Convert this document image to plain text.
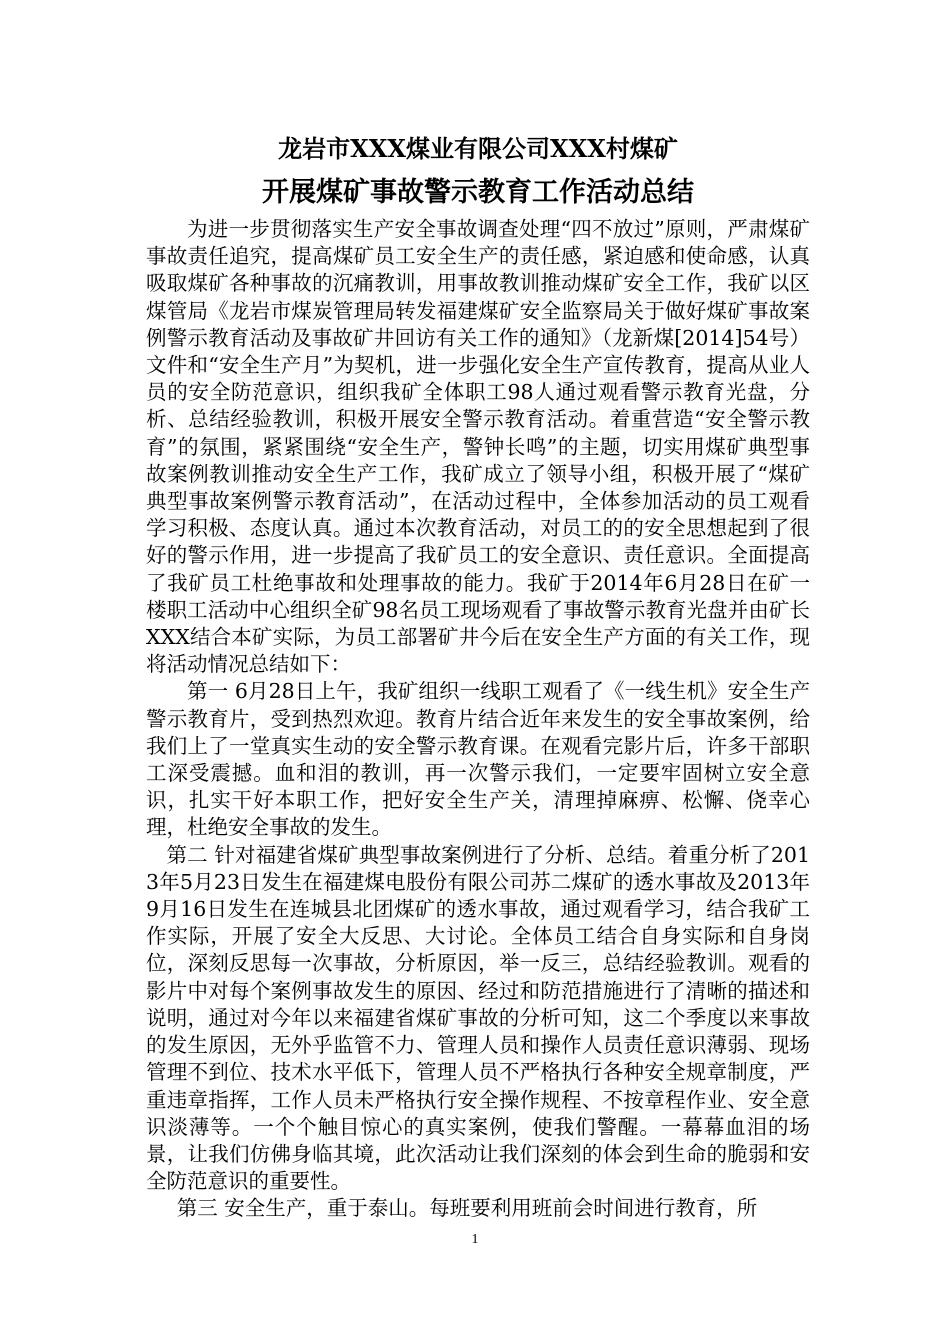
龙岩市XXX煤业有限公司XXX村煤矿
开展煤矿事故警示教育工作活动总结

为进一步贯彻落实生产安全事故调查处理“四不放过”原则，严肃煤矿事故责任追究，提高煤矿员工安全生产的责任感，紧迫感和使命感，认真吸取煤矿各种事故的沉痛教训，用事故教训推动煤矿安全工作，我矿以区煤管局《龙岩市煤炭管理局转发福建煤矿安全监察局关于做好煤矿事故案例警示教育活动及事故矿井回访有关工作的通知》（龙新煤[2014]54号）文件和“安全生产月”为契机，进一步强化安全生产宣传教育，提高从业人员的安全防范意识，组织我矿全体职工98人通过观看警示教育光盘，分析、总结经验教训，积极开展安全警示教育活动。着重营造“安全警示教育”的氛围，紧紧围绕“安全生产，警钟长鸣”的主题，切实用煤矿典型事故案例教训推动安全生产工作，我矿成立了领导小组，积极开展了“煤矿典型事故案例警示教育活动”，在活动过程中，全体参加活动的员工观看学习积极、态度认真。通过本次教育活动，对员工的的安全思想起到了很好的警示作用，进一步提高了我矿员工的安全意识、责任意识。全面提高了我矿员工杜绝事故和处理事故的能力。我矿于2014年6月28日在矿一楼职工活动中心组织全矿98名员工现场观看了事故警示教育光盘并由矿长XXX结合本矿实际，为员工部署矿井今后在安全生产方面的有关工作，现将活动情况总结如下：

第一 6月28日上午，我矿组织一线职工观看了《一线生机》安全生产警示教育片，受到热烈欢迎。教育片结合近年来发生的安全事故案例，给我们上了一堂真实生动的安全警示教育课。在观看完影片后，许多干部职工深受震撼。血和泪的教训，再一次警示我们，一定要牢固树立安全意识，扎实干好本职工作，把好安全生产关，清理掉麻痹、松懈、侥幸心理，杜绝安全事故的发生。

第二 针对福建省煤矿典型事故案例进行了分析、总结。着重分析了2013年5月23日发生在福建煤电股份有限公司苏二煤矿的透水事故及2013年9月16日发生在连城县北团煤矿的透水事故，通过观看学习，结合我矿工作实际，开展了安全大反思、大讨论。全体员工结合自身实际和自身岗位，深刻反思每一次事故，分析原因，举一反三，总结经验教训。观看的影片中对每个案例事故发生的原因、经过和防范措施进行了清晰的描述和说明，通过对今年以来福建省煤矿事故的分析可知，这二个季度以来事故的发生原因，无外乎监管不力、管理人员和操作人员责任意识薄弱、现场管理不到位、技术水平低下，管理人员不严格执行各种安全规章制度，严重违章指挥，工作人员未严格执行安全操作规程、不按章程作业、安全意识淡薄等。一个个触目惊心的真实案例，使我们警醒。一幕幕血泪的场景，让我们仿佛身临其境，此次活动让我们深刻的体会到生命的脆弱和安全防范意识的重要性。

第三 安全生产，重于泰山。每班要利用班前会时间进行教育，所

1
